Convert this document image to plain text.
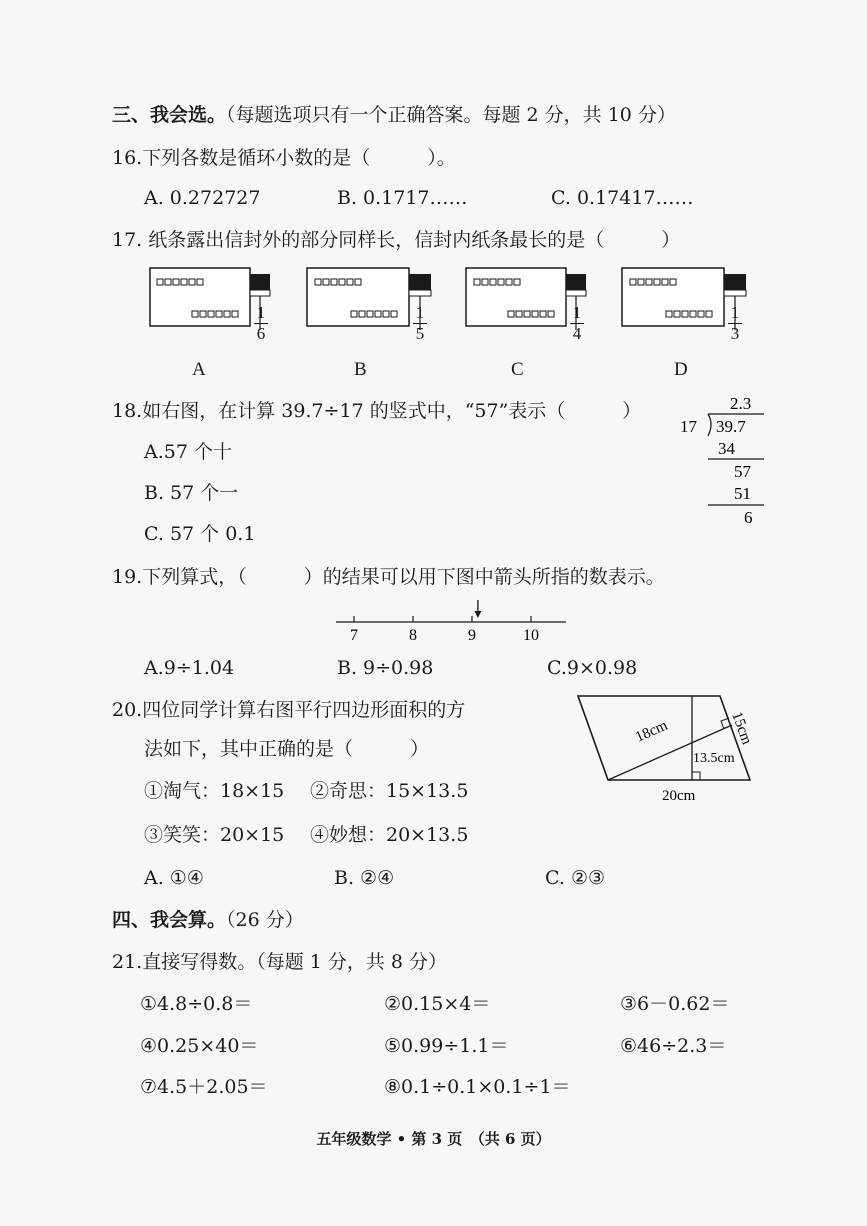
三、我会选。（每题选项只有一个正确答案。每题 2 分，共 10 分）
16.下列各数是循环小数的是（　　　）。
A. 0.272727	B. 0.1717……	C. 0.17417……
17. 纸条露出信封外的部分同样长，信封内纸条最长的是（　　　）
1
6
1
5
1
4
1
3
A	B	C	D
18.如右图，在计算 39.7÷17 的竖式中，“57”表示（　　　）
A.57 个十
B. 57 个一
C. 57 个 0.1
2.3
17 39.7
34
57
51
6
19.下列算式，（　　　）的结果可以用下图中箭头所指的数表示。
7	8	9	10
A.9÷1.04	B. 9÷0.98	C.9×0.98
20.四位同学计算右图平行四边形面积的方
法如下，其中正确的是（　　　）
①淘气：18×15 ②奇思：15×13.5
③笑笑：20×15 ④妙想：20×13.5
A. ①④	B. ②④	C. ②③
18cm	15cm
13.5cm
20cm
四、我会算。（26 分）
21.直接写得数。（每题 1 分，共 8 分）
①4.8÷0.8＝	②0.15×4＝	③6－0.62＝
④0.25×40＝	⑤0.99÷1.1＝	⑥46÷2.3＝
⑦4.5＋2.05＝	⑧0.1÷0.1×0.1÷1＝
五年级数学 • 第 3 页　（共 6 页）
